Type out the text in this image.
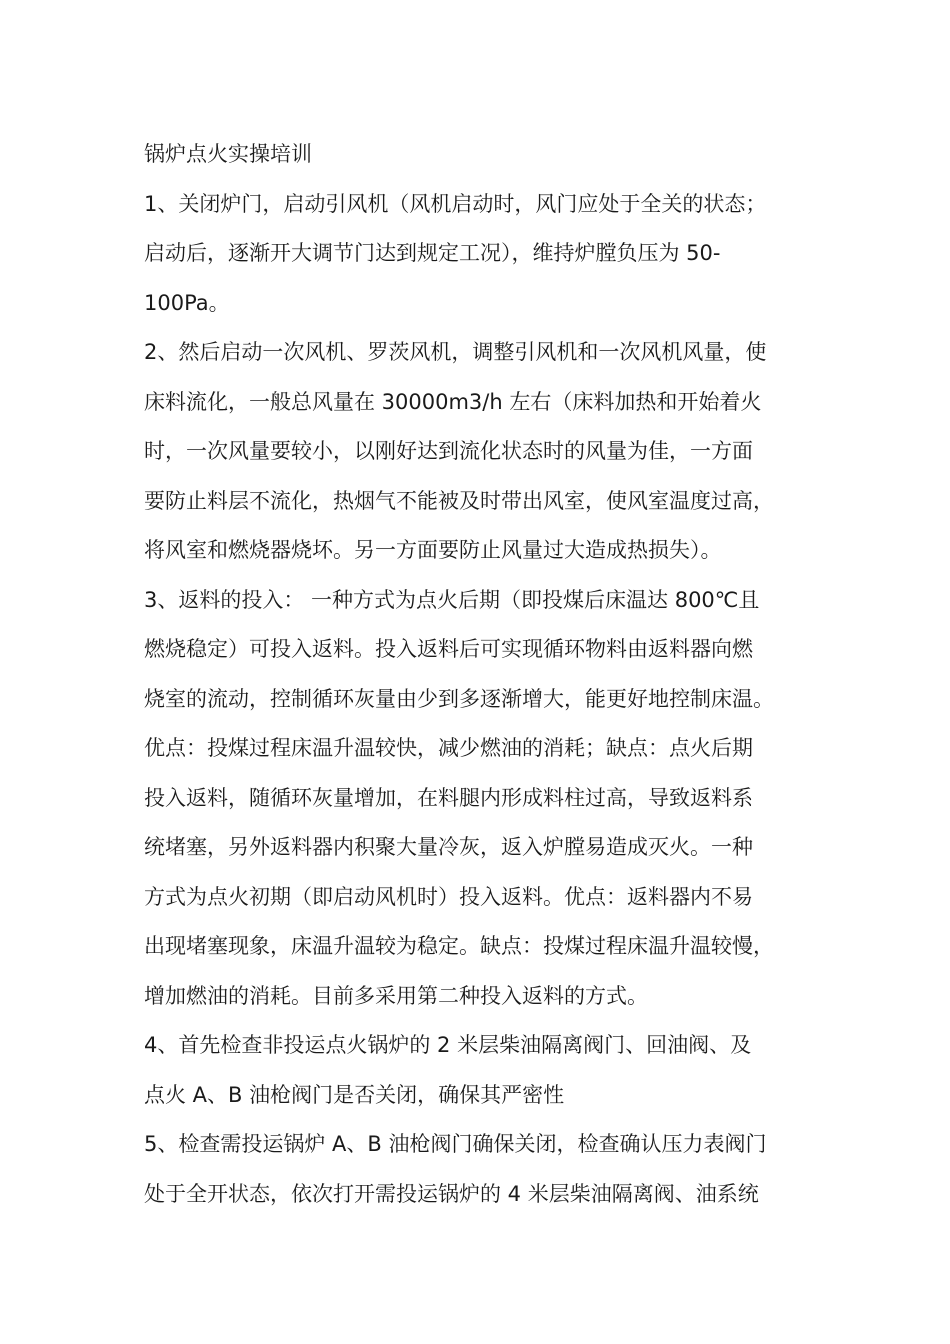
锅炉点火实操培训
1、关闭炉门，启动引风机（风机启动时，风门应处于全关的状态；
启动后，逐渐开大调节门达到规定工况），维持炉膛负压为 50-
100Pa。
2、然后启动一次风机、罗茨风机，调整引风机和一次风机风量，使
床料流化，一般总风量在 30000m3/h 左右（床料加热和开始着火
时，一次风量要较小，以刚好达到流化状态时的风量为佳，一方面
要防止料层不流化，热烟气不能被及时带出风室，使风室温度过高，
将风室和燃烧器烧坏。另一方面要防止风量过大造成热损失）。
3、返料的投入： 一种方式为点火后期（即投煤后床温达 800℃且
燃烧稳定）可投入返料。投入返料后可实现循环物料由返料器向燃
烧室的流动，控制循环灰量由少到多逐渐增大，能更好地控制床温。
优点：投煤过程床温升温较快，减少燃油的消耗；缺点：点火后期
投入返料，随循环灰量增加，在料腿内形成料柱过高，导致返料系
统堵塞，另外返料器内积聚大量冷灰，返入炉膛易造成灭火。一种
方式为点火初期（即启动风机时）投入返料。优点：返料器内不易
出现堵塞现象，床温升温较为稳定。缺点：投煤过程床温升温较慢，
增加燃油的消耗。目前多采用第二种投入返料的方式。
4、首先检查非投运点火锅炉的 2 米层柴油隔离阀门、回油阀、及
点火 A、B 油枪阀门是否关闭，确保其严密性
5、检查需投运锅炉 A、B 油枪阀门确保关闭，检查确认压力表阀门
处于全开状态，依次打开需投运锅炉的 4 米层柴油隔离阀、油系统
